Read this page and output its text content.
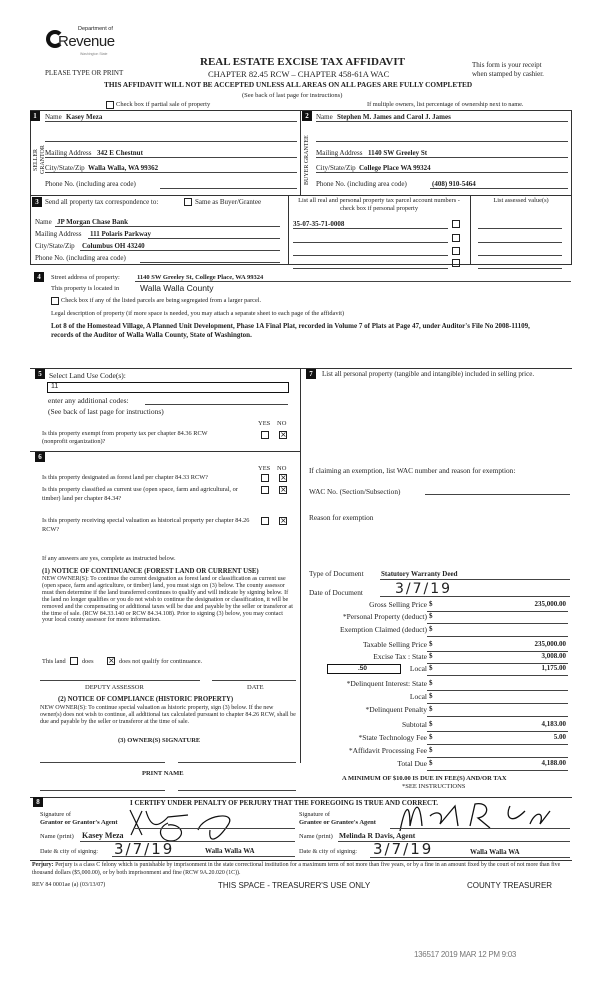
Department of
Revenue
Washington State
PLEASE TYPE OR PRINT
REAL ESTATE EXCISE TAX AFFIDAVIT
CHAPTER 82.45 RCW – CHAPTER 458-61A WAC
THIS AFFIDAVIT WILL NOT BE ACCEPTED UNLESS ALL AREAS ON ALL PAGES ARE FULLY COMPLETED
This form is your receipt
when stamped by cashier.
(See back of last page for instructions)
Check box if partial sale of property	If multiple owners, list percentage of ownership next to name.
1
SELLER GRANTOR
Name Kasey Meza
Mailing Address 342 E Chestnut
City/State/Zip Walla Walla, WA 99362
Phone No. (including area code)
2
BUYER GRANTEE
Name Stephen M. James and Carol J. James
Mailing Address 1140 SW Greeley St
City/State/Zip College Place WA 99324
Phone No. (including area code)	(408) 910-5464
3 Send all property tax correspondence to:	Same as Buyer/Grantee
Name JP Morgan Chase Bank
Mailing Address 111 Polaris Parkway
City/State/Zip Columbus OH 43240
Phone No. (including area code)
List all real and personal property tax parcel account numbers - check box if personal property
List assessed value(s)
35-07-35-71-0008
4	Street address of property:	1140 SW Greeley St, College Place, WA 99324
This property is located in Walla Walla County
Check box if any of the listed parcels are being segregated from a larger parcel.
Legal description of property (if more space is needed, you may attach a separate sheet to each page of the affidavit)
Lot 8 of the Homestead Village, A Planned Unit Development, Phase 1A Final Plat, recorded in Volume 7 of Plats at Page 47, under Auditor's File No 2008-11109, records of the Auditor of Walla Walla County, State of Washington.
5 Select Land Use Code(s):
11
enter any additional codes:
(See back of last page for instructions)
YES NO
Is this property exempt from property tax per chapter 84.36 RCW (nonprofit organization)?
×
6
YES NO
Is this property designated as forest land per chapter 84.33 RCW?	×
Is this property classified as current use (open space, farm and agricultural, or timber) land per chapter 84.34?
×
Is this property receiving special valuation as historical property per chapter 84.26 RCW?
×
If any answers are yes, complete as instructed below.
(1) NOTICE OF CONTINUANCE (FOREST LAND OR CURRENT USE)
NEW OWNER(S): To continue the current designation as forest land or classification as current use (open space, farm and agriculture, or timber) land, you must sign on (3) below. The county assessor must then determine if the land transferred continues to qualify and will indicate by signing below. If the land no longer qualifies or you do not wish to continue the designation or classification, it will be removed and the compensating or additional taxes will be due and payable by the seller or transferor at the time of sale. (RCW 84.33.140 or RCW 84.34.108). Prior to signing (3) below, you may contact your local county assessor for more information.
This land	does × does not qualify for continuance.
DEPUTY ASSESSOR	DATE
(2) NOTICE OF COMPLIANCE (HISTORIC PROPERTY)
NEW OWNER(S): To continue special valuation as historic property, sign (3) below. If the new owner(s) does not wish to continue, all additional tax calculated pursuant to chapter 84.26 RCW, shall be due and payable by the seller or transferor at the time of sale.
(3) OWNER(S) SIGNATURE
PRINT NAME
7	List all personal property (tangible and intangible) included in selling price.
If claiming an exemption, list WAC number and reason for exemption:
WAC No. (Section/Subsection)
Reason for exemption
Type of Document Statutory Warranty Deed
Date of Document 3/7/19
.50
Gross Selling Price $	235,000.00
*Personal Property (deduct) $
Exemption Claimed (deduct) $
Taxable Selling Price $	235,000.00
Excise Tax : State $	3,008.00
Local $	1,175.00
*Delinquent Interest: State $
Local $
*Delinquent Penalty $
Subtotal $	4,183.00
*State Technology Fee $	5.00
*Affidavit Processing Fee $
Total Due $	4,188.00
A MINIMUM OF $10.00 IS DUE IN FEE(S) AND/OR TAX
*SEE INSTRUCTIONS
8	I CERTIFY UNDER PENALTY OF PERJURY THAT THE FOREGOING IS TRUE AND CORRECT.
Signature of
Grantor or Grantor's Agent
Name (print) Kasey Meza
Date & city of signing: 3/7/19	Walla Walla WA
Signature of
Grantee or Grantee's Agent
Name (print) Melinda R Davis, Agent
Date & city of signing: 3/7/19	Walla Walla WA
Perjury: Perjury is a class C felony which is punishable by imprisonment in the state correctional institution for a maximum term of not more than five years, or by a fine in an amount fixed by the court of not more than five thousand dollars ($5,000.00), or by both imprisonment and fine (RCW 9A.20.020 (1C)).
REV 84 0001ae (a) (03/13/07)	THIS SPACE - TREASURER'S USE ONLY	COUNTY TREASURER
136517 2019 MAR 12 PM 9:03
